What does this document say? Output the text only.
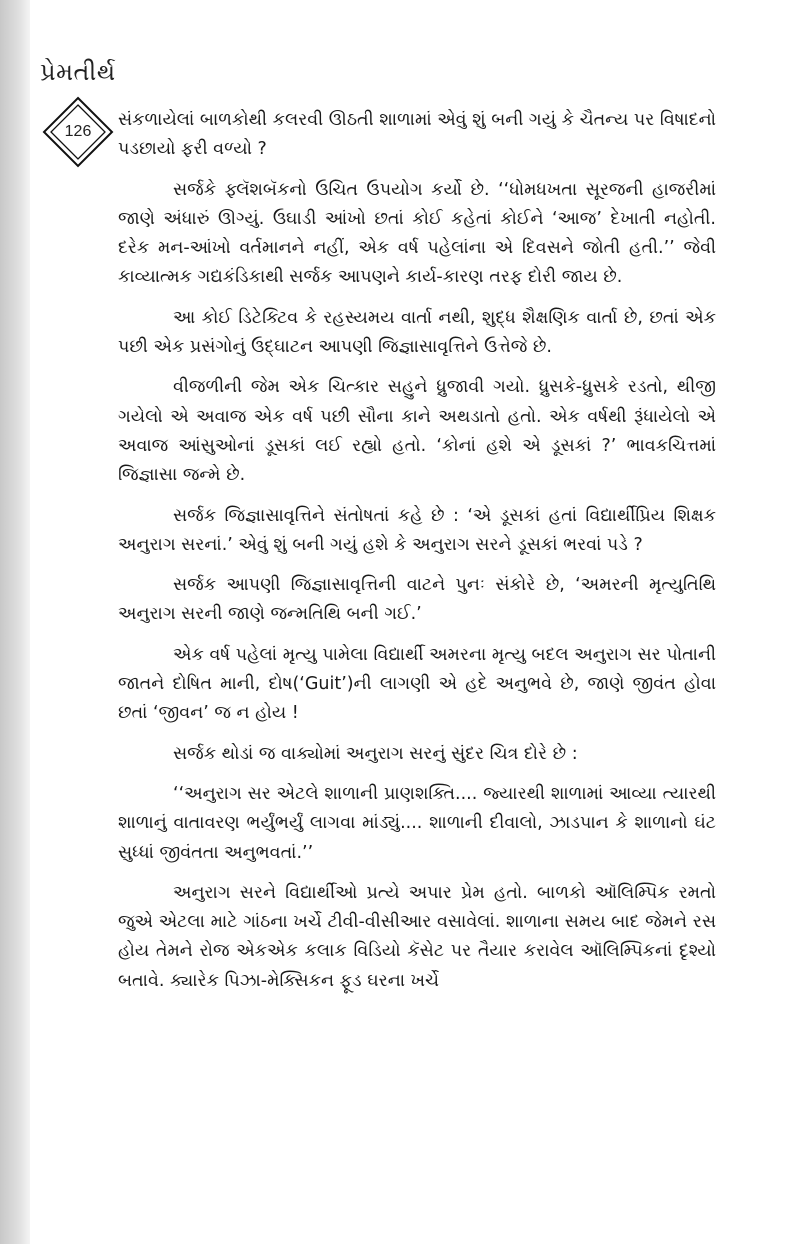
પ્રેમતીર્થ
126

સંકળાયેલાં બાળકોથી કલરવી ઊઠતી શાળામાં એવું શું બની ગયું કે ચૈતન્ય પર વિષાદનો પડછાયો ફરી વળ્યો ?

સર્જકે ફ્લૅશબૅકનો ઉચિત ઉપયોગ કર્યો છે. ‘‘ધોમધખતા સૂરજની હાજરીમાં જાણે અંધારું ઊગ્યું. ઉઘાડી આંખો છતાં કોઈ કહેતાં કોઈને ‘આજ’ દેખાતી નહોતી. દરેક મન-આંખો વર્તમાનને નહીં, એક વર્ષ પહેલાંના એ દિવસને જોતી હતી.’’ જેવી કાવ્યાત્મક ગદ્યકંડિકાથી સર્જક આપણને કાર્ય-કારણ તરફ દોરી જાય છે.

આ કોઈ ડિટેક્ટિવ કે રહસ્યમય વાર્તા નથી, શુદ્ધ શૈક્ષણિક વાર્તા છે, છતાં એક પછી એક પ્રસંગોનું ઉદ્‌ઘાટન આપણી જિજ્ઞાસાવૃત્તિને ઉત્તેજે છે.

વીજળીની જેમ એક ચિત્કાર સહુને ધ્રુજાવી ગયો. ધ્રુસકે-ધ્રુસકે રડતો, થીજી ગયેલો એ અવાજ એક વર્ષ પછી સૌના કાને અથડાતો હતો. એક વર્ષથી રૂંધાયેલો એ અવાજ આંસુઓનાં ડૂસકાં લઈ રહ્યો હતો. ‘કોનાં હશે એ ડૂસકાં ?’ ભાવકચિત્તમાં જિજ્ઞાસા જન્મે છે.

સર્જક જિજ્ઞાસાવૃત્તિને સંતોષતાં કહે છે : ‘એ ડૂસકાં હતાં વિદ્યાર્થીપ્રિય શિક્ષક અનુરાગ સરનાં.’ એવું શું બની ગયું હશે કે અનુરાગ સરને ડૂસકાં ભરવાં પડે ?

સર્જક આપણી જિજ્ઞાસાવૃત્તિની વાટને પુનઃ સંકોરે છે, ‘અમરની મૃત્યુતિથિ અનુરાગ સરની જાણે જન્મતિથિ બની ગઈ.’

એક વર્ષ પહેલાં મૃત્યુ પામેલા વિદ્યાર્થી અમરના મૃત્યુ બદલ અનુરાગ સર પોતાની જાતને દોષિત માની, દોષ(‘Guit’)ની લાગણી એ હદે અનુભવે છે, જાણે જીવંત હોવા છતાં ‘જીવન’ જ ન હોય !

સર્જક થોડાં જ વાક્યોમાં અનુરાગ સરનું સુંદર ચિત્ર દોરે છે :

‘‘અનુરાગ સર એટલે શાળાની પ્રાણશક્તિ.... જ્યારથી શાળામાં આવ્યા ત્યારથી શાળાનું વાતાવરણ ભર્યુંભર્યું લાગવા માંડ્યું.... શાળાની દીવાલો, ઝાડપાન કે શાળાનો ઘંટ સુધ્ધાં જીવંતતા અનુભવતાં.’’

અનુરાગ સરને વિદ્યાર્થીઓ પ્રત્યે અપાર પ્રેમ હતો. બાળકો ઑલિમ્પિક રમતો જુએ એટલા માટે ગાંઠના ખર્ચે ટીવી-વીસીઆર વસાવેલાં. શાળાના સમય બાદ જેમને રસ હોય તેમને રોજ એકએક કલાક વિડિયો કૅસેટ પર તૈયાર કરાવેલ ઑલિમ્પિકનાં દૃશ્યો બતાવે. ક્યારેક પિઝા-મેક્સિકન ફૂડ ઘરના ખર્ચે
